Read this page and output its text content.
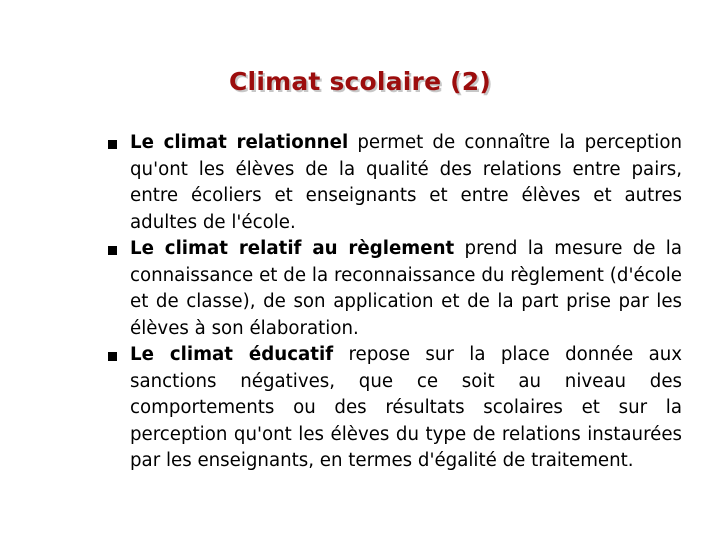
Climat scolaire (2)
Le climat relationnel permet de connaître la perception qu'ont les élèves de la qualité des relations entre pairs, entre écoliers et enseignants et entre élèves et autres adultes de l'école.
Le climat relatif au règlement prend la mesure de la connaissance et de la reconnaissance du règlement (d'école et de classe), de son application et de la part prise par les élèves à son élaboration.
Le climat éducatif repose sur la place donnée aux sanctions négatives, que ce soit au niveau des comportements ou des résultats scolaires et sur la perception qu'ont les élèves du type de relations instaurées par les enseignants, en termes d'égalité de traitement.
